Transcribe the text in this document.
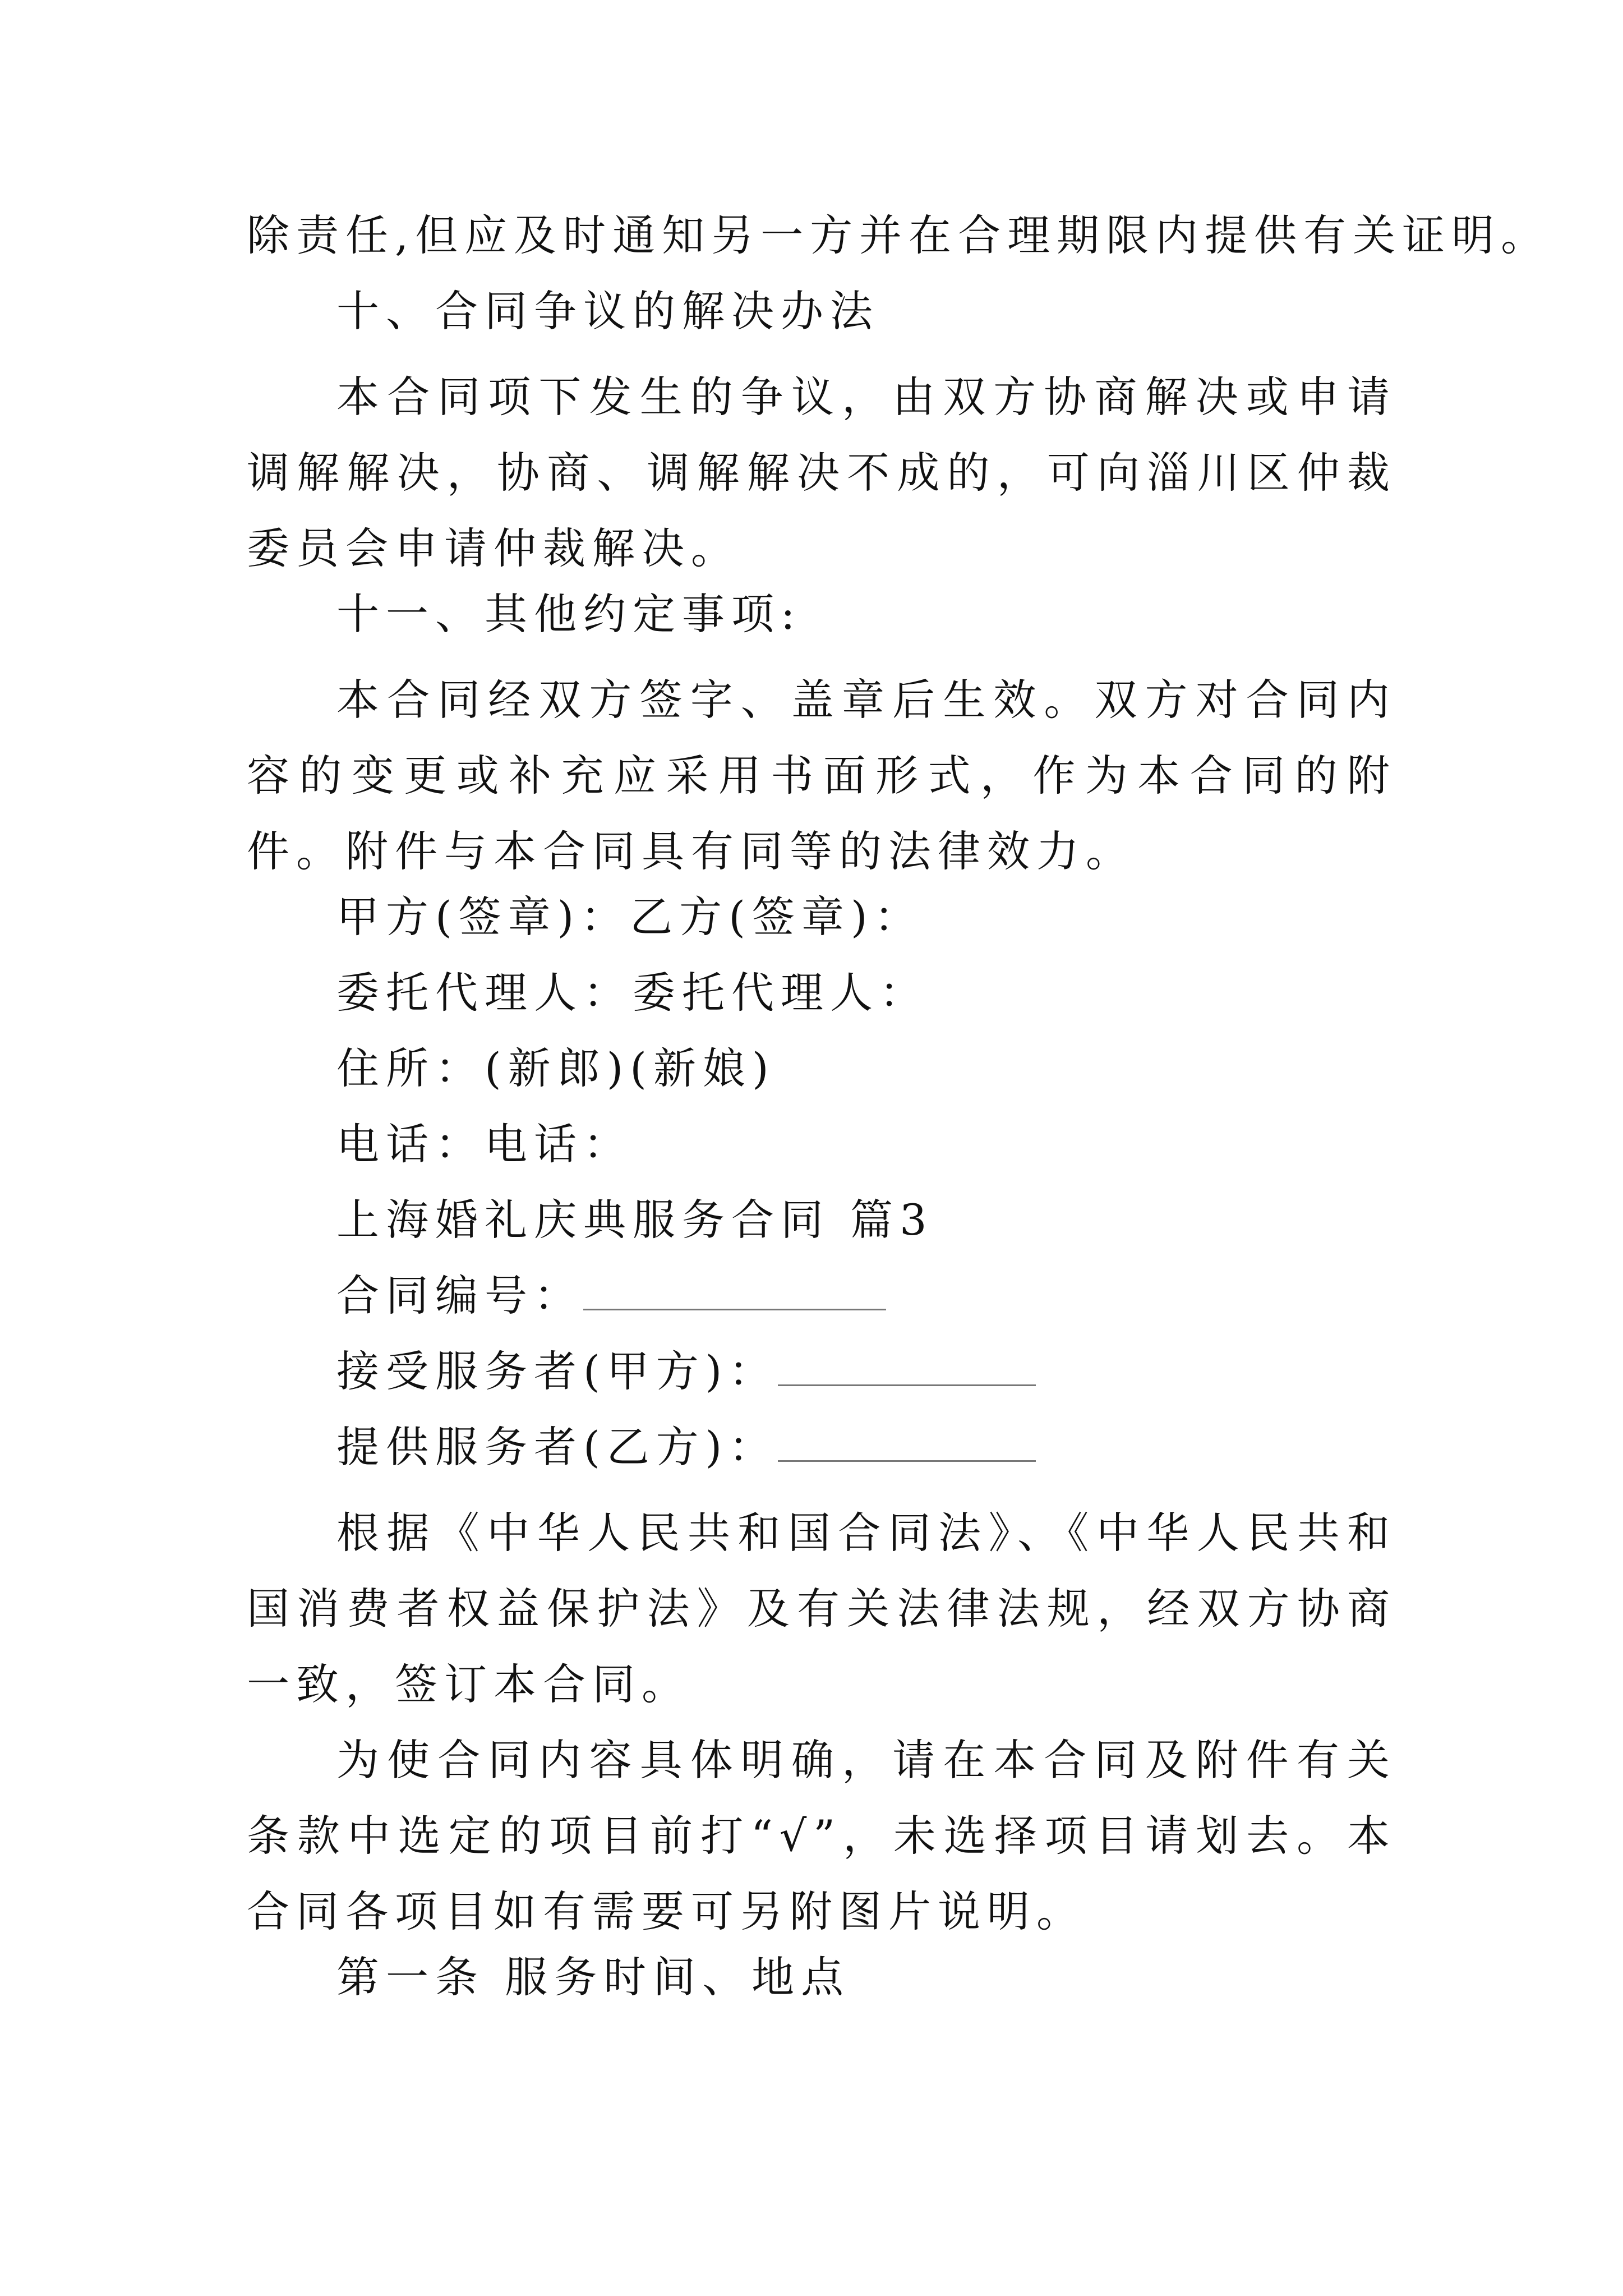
除责任,但应及时通知另一方并在合理期限内提供有关证明。
十、合同争议的解决办法

本合同项下发生的争议，由双方协商解决或申请调解解决，协商、调解解决不成的，可向淄川区仲裁委员会申请仲裁解决。

十一、其他约定事项:

本合同经双方签字、盖章后生效。双方对合同内容的变更或补充应采用书面形式，作为本合同的附件。附件与本合同具有同等的法律效力。

甲方(签章)：乙方(签章)：
委托代理人：委托代理人：
住所：(新郎)(新娘)
电话：电话：
上海婚礼庆典服务合同 篇3
合同编号：
接受服务者(甲方)：
提供服务者(乙方)：

根据《中华人民共和国合同法》、《中华人民共和国消费者权益保护法》及有关法律法规，经双方协商一致，签订本合同。

为使合同内容具体明确，请在本合同及附件有关条款中选定的项目前打“√”，未选择项目请划去。本合同各项目如有需要可另附图片说明。

第一条 服务时间、地点
